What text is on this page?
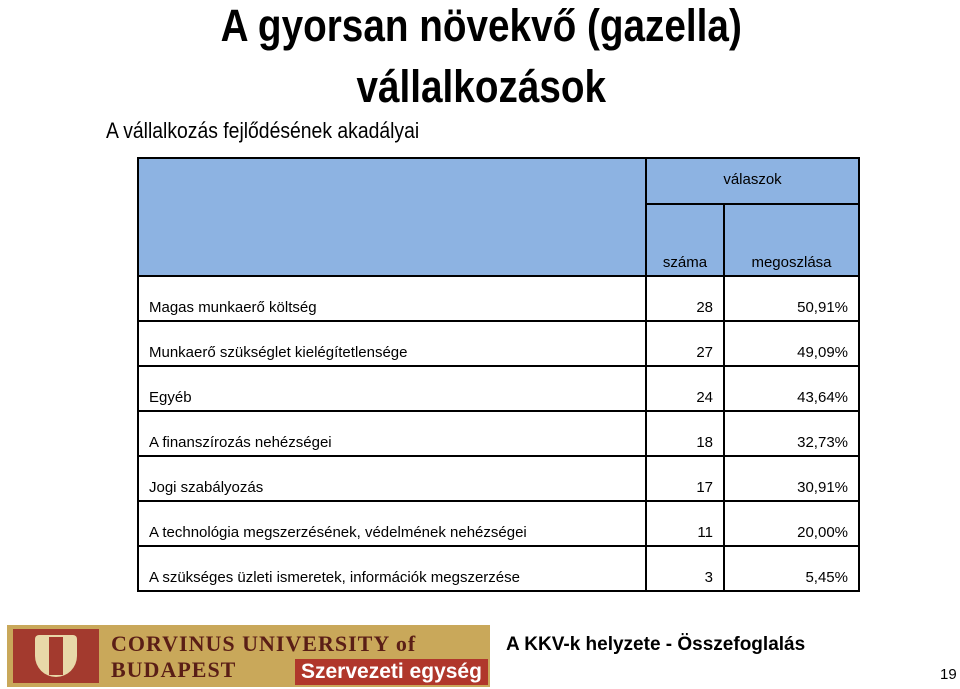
A gyorsan növekvő (gazella)
vállalkozások

A vállalkozás fejlődésének akadályai

	válaszok	
	száma	megoszlása
Magas munkaerő költség	28	50,91%
Munkaerő szükséglet kielégítetlensége	27	49,09%
Egyéb	24	43,64%
A finanszírozás nehézségei	18	32,73%
Jogi szabályozás	17	30,91%
A technológia megszerzésének, védelmének nehézségei	11	20,00%
A szükséges üzleti ismeretek, információk megszerzése	3	5,45%

CORVINUS UNIVERSITY of BUDAPEST	Szervezeti egység

A KKV-k helyzete - Összefoglalás

19
